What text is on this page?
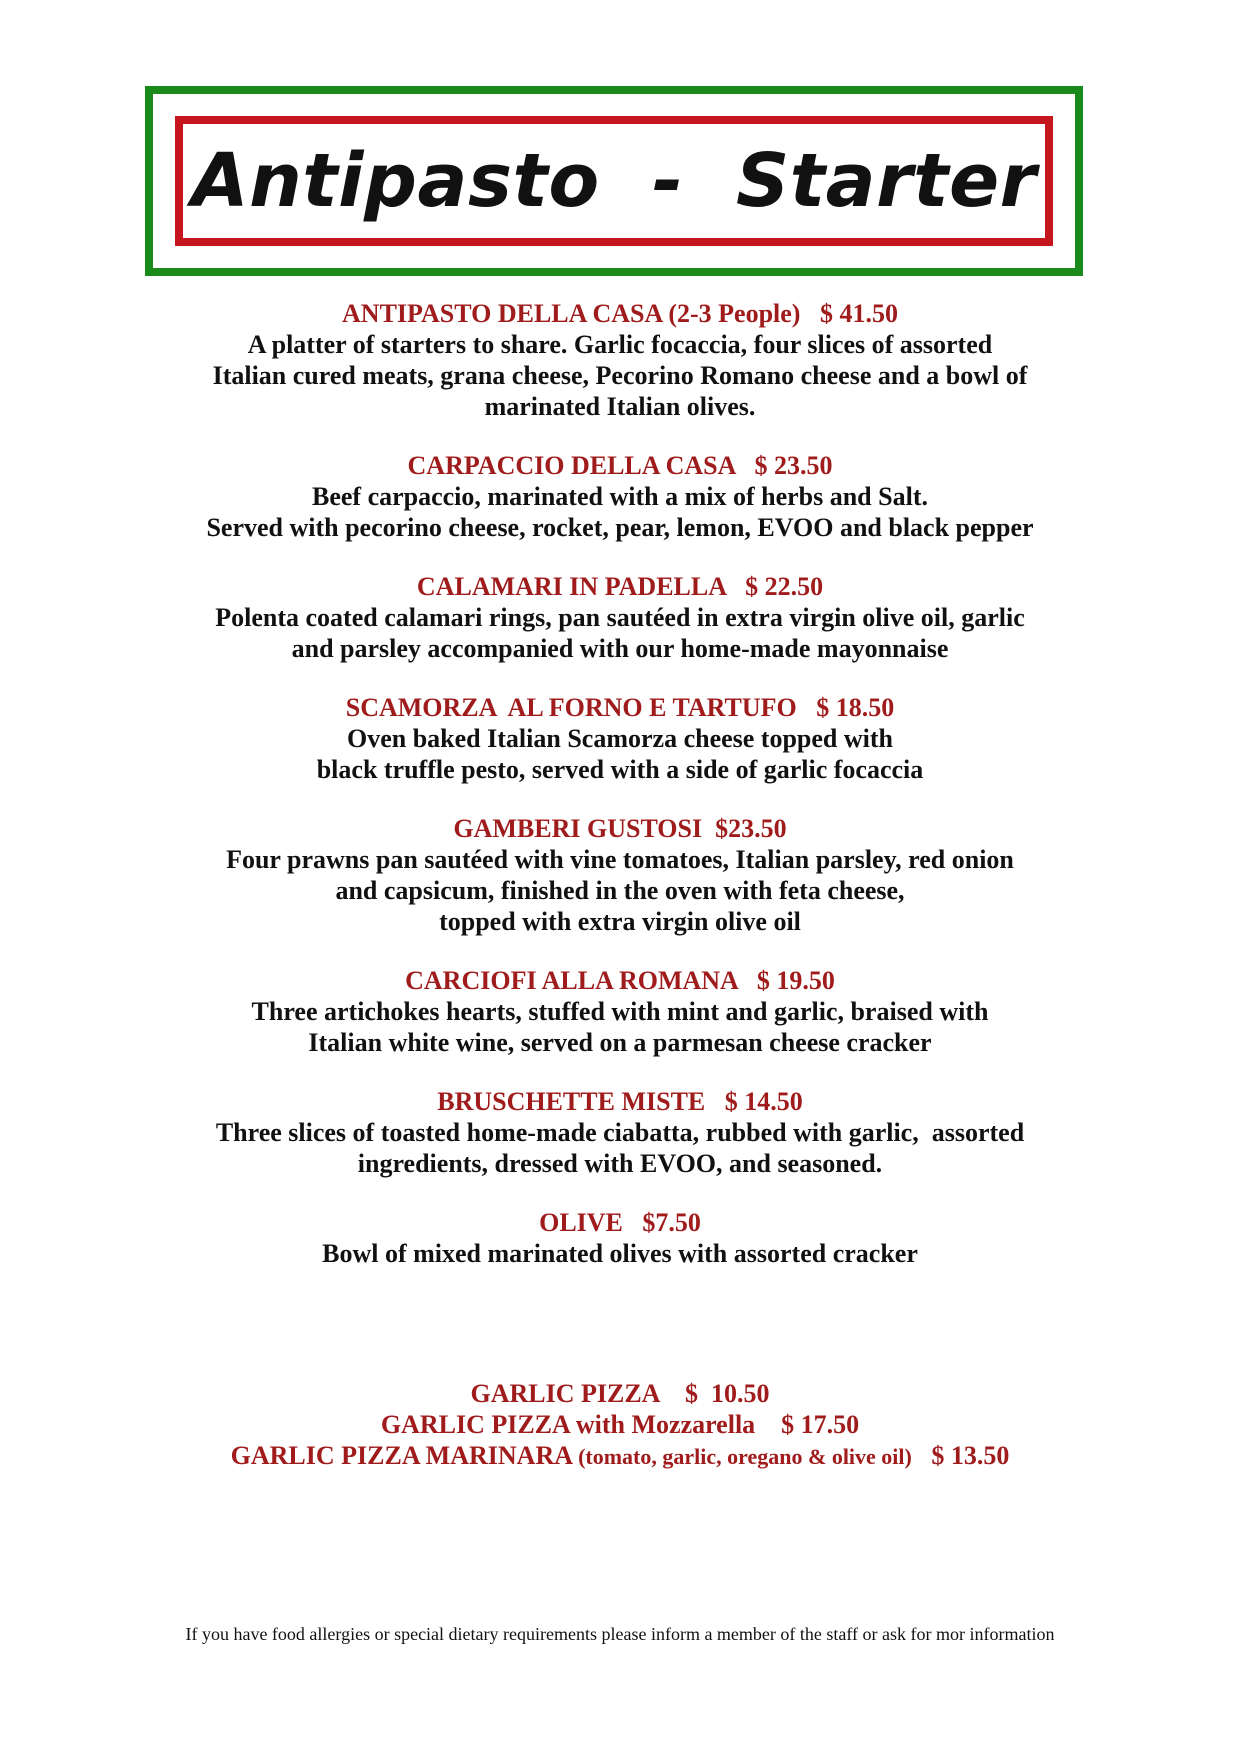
Antipasto  -  Starter
ANTIPASTO DELLA CASA (2-3 People) $ 41.50
A platter of starters to share. Garlic focaccia, four slices of assorted
Italian cured meats, grana cheese, Pecorino Romano cheese and a bowl of
marinated Italian olives.
CARPACCIO DELLA CASA $ 23.50
Beef carpaccio, marinated with a mix of herbs and Salt.
Served with pecorino cheese, rocket, pear, lemon, EVOO and black pepper
CALAMARI IN PADELLA $ 22.50
Polenta coated calamari rings, pan sautéed in extra virgin olive oil, garlic
and parsley accompanied with our home-made mayonnaise
SCAMORZA  AL FORNO E TARTUFO $ 18.50
Oven baked Italian Scamorza cheese topped with
black truffle pesto, served with a side of garlic focaccia
GAMBERI GUSTOSI $23.50
Four prawns pan sautéed with vine tomatoes, Italian parsley, red onion
and capsicum, finished in the oven with feta cheese,
topped with extra virgin olive oil
CARCIOFI ALLA ROMANA $ 19.50
Three artichokes hearts, stuffed with mint and garlic, braised with
Italian white wine, served on a parmesan cheese cracker
BRUSCHETTE MISTE $ 14.50
Three slices of toasted home-made ciabatta, rubbed with garlic,  assorted
ingredients, dressed with EVOO, and seasoned.
OLIVE $7.50
Bowl of mixed marinated olives with assorted cracker
GARLIC PIZZA $  10.50
GARLIC PIZZA with Mozzarella $ 17.50
GARLIC PIZZA MARINARA (tomato, garlic, oregano & olive oil) $ 13.50
If you have food allergies or special dietary requirements please inform a member of the staff or ask for mor information
